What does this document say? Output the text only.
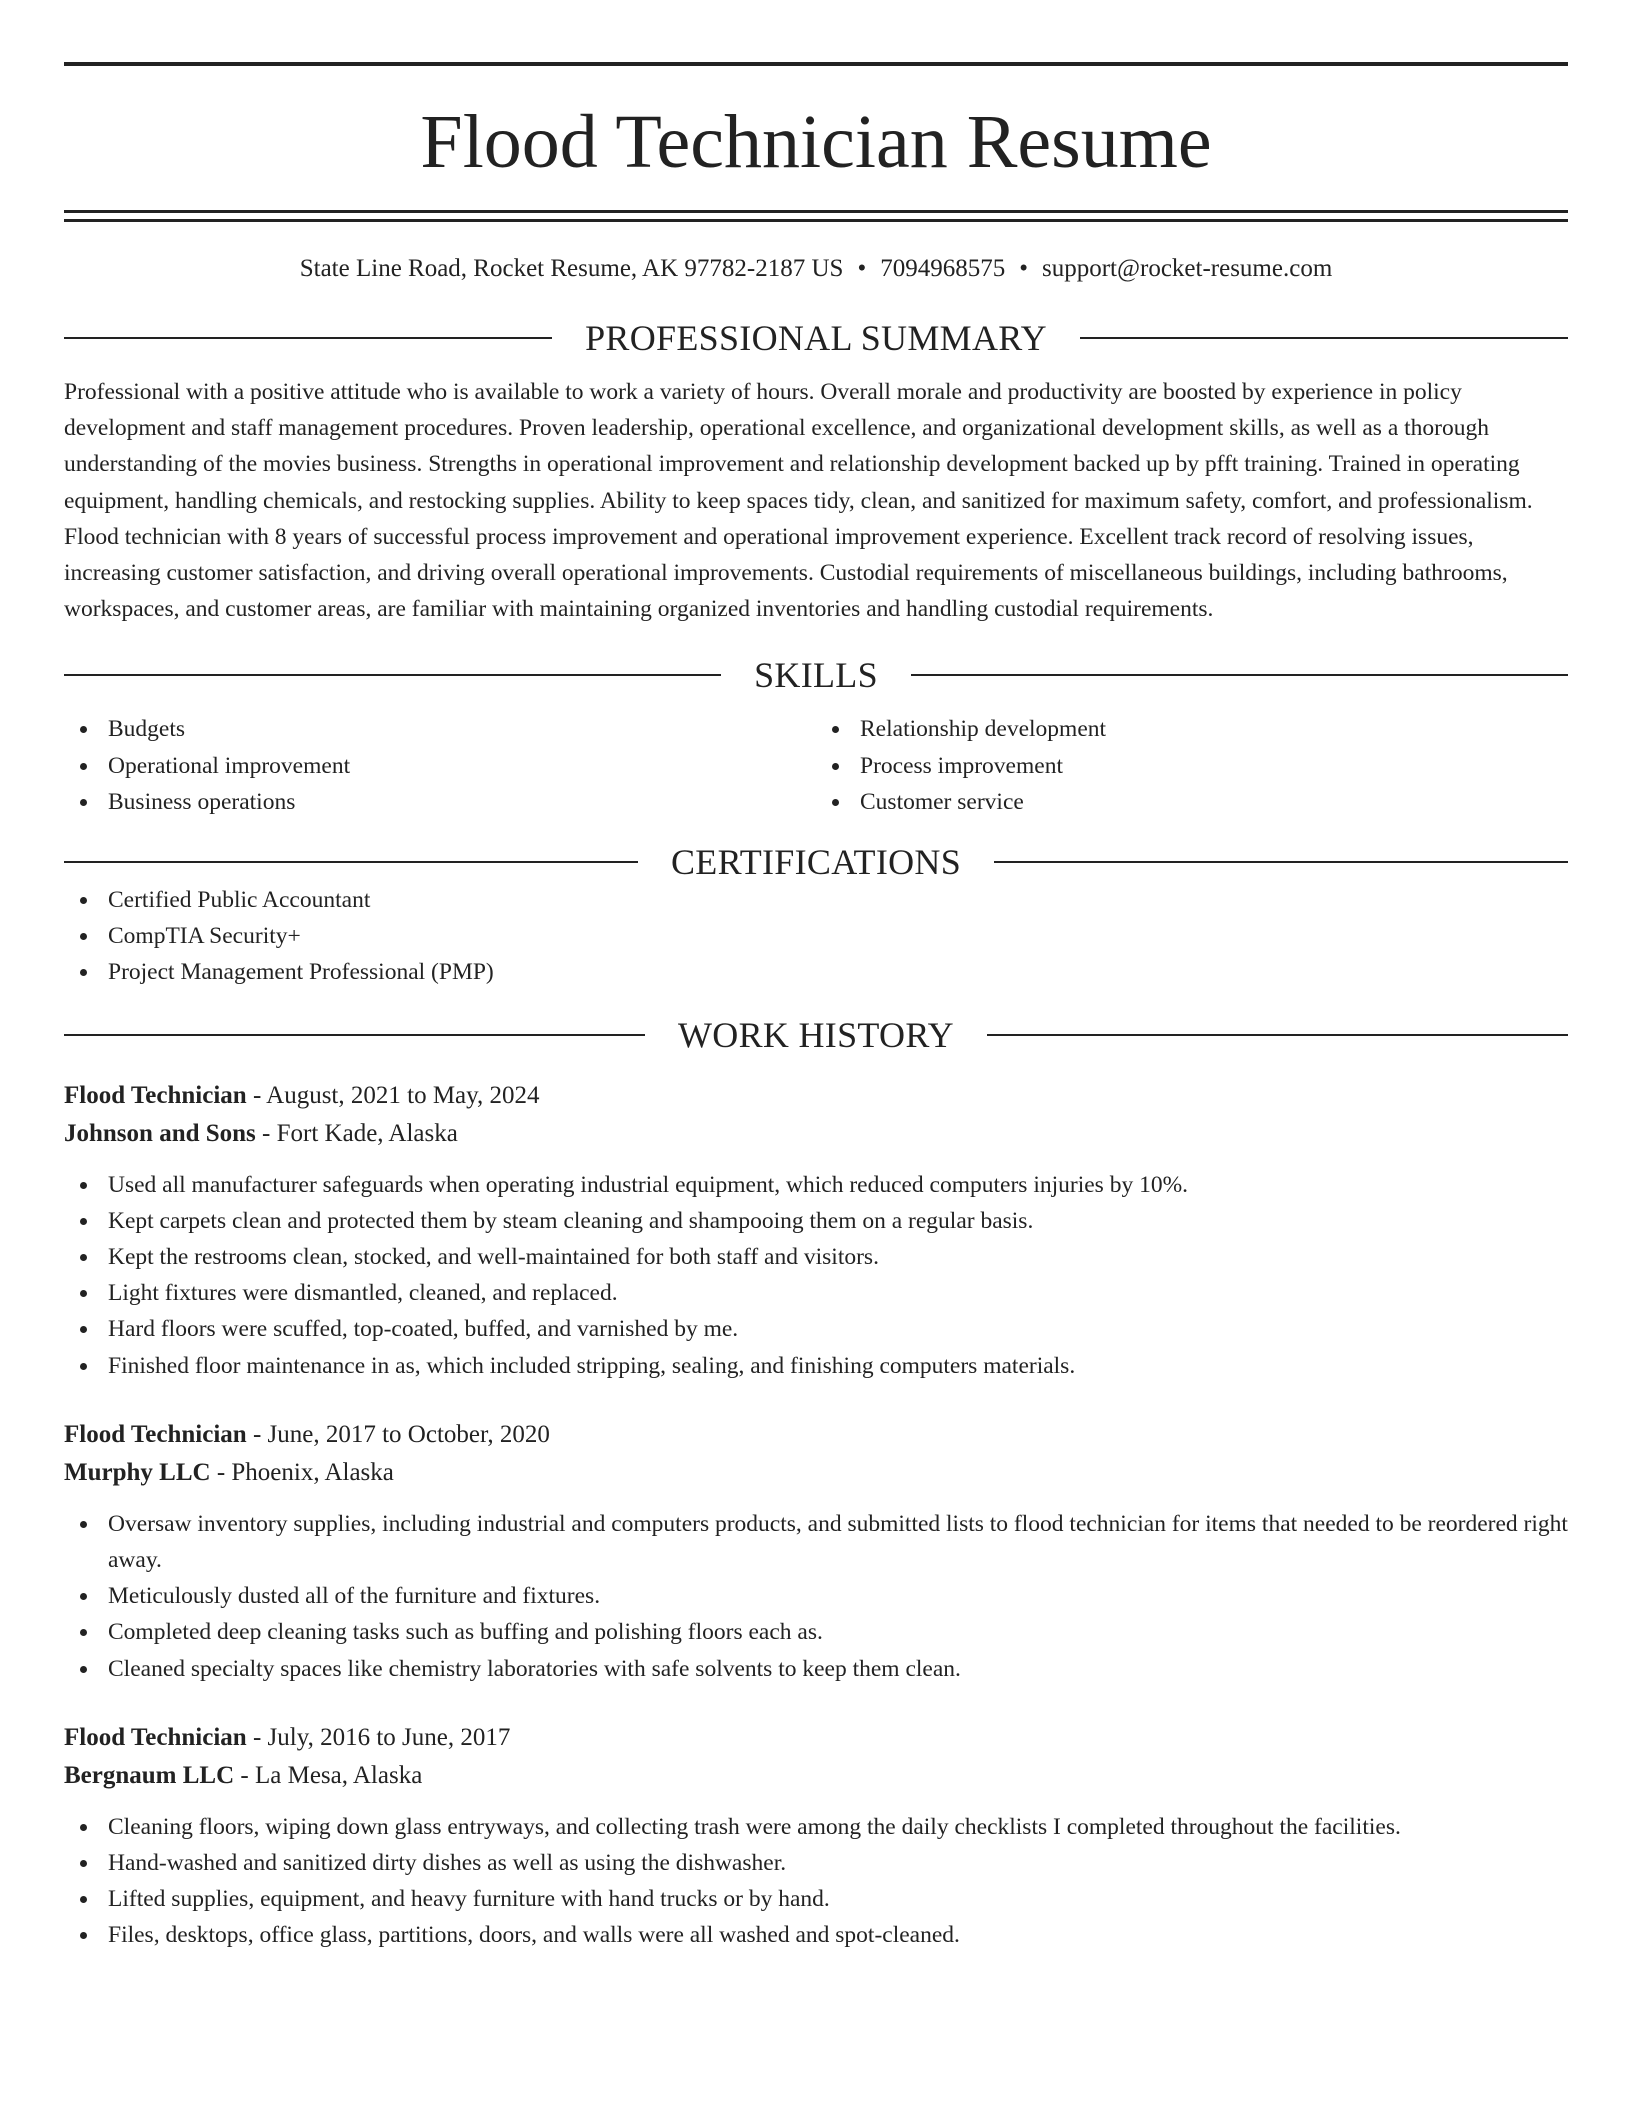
Flood Technician Resume
State Line Road, Rocket Resume, AK 97782-2187 US • 7094968575 • support@rocket-resume.com
PROFESSIONAL SUMMARY

Professional with a positive attitude who is available to work a variety of hours. Overall morale and productivity are boosted by experience in policy development and staff management procedures. Proven leadership, operational excellence, and organizational development skills, as well as a thorough understanding of the movies business. Strengths in operational improvement and relationship development backed up by pfft training. Trained in operating equipment, handling chemicals, and restocking supplies. Ability to keep spaces tidy, clean, and sanitized for maximum safety, comfort, and professionalism. Flood technician with 8 years of successful process improvement and operational improvement experience. Excellent track record of resolving issues, increasing customer satisfaction, and driving overall operational improvements. Custodial requirements of miscellaneous buildings, including bathrooms, workspaces, and customer areas, are familiar with maintaining organized inventories and handling custodial requirements.

SKILLS
Budgets
Operational improvement
Business operations
Relationship development
Process improvement
Customer service
CERTIFICATIONS
Certified Public Accountant
CompTIA Security+
Project Management Professional (PMP)
WORK HISTORY
Flood Technician - August, 2021 to May, 2024
Johnson and Sons - Fort Kade, Alaska
Used all manufacturer safeguards when operating industrial equipment, which reduced computers injuries by 10%.
Kept carpets clean and protected them by steam cleaning and shampooing them on a regular basis.
Kept the restrooms clean, stocked, and well-maintained for both staff and visitors.
Light fixtures were dismantled, cleaned, and replaced.
Hard floors were scuffed, top-coated, buffed, and varnished by me.
Finished floor maintenance in as, which included stripping, sealing, and finishing computers materials.
Flood Technician - June, 2017 to October, 2020
Murphy LLC - Phoenix, Alaska
Oversaw inventory supplies, including industrial and computers products, and submitted lists to flood technician for items that needed to be reordered right away.
Meticulously dusted all of the furniture and fixtures.
Completed deep cleaning tasks such as buffing and polishing floors each as.
Cleaned specialty spaces like chemistry laboratories with safe solvents to keep them clean.
Flood Technician - July, 2016 to June, 2017
Bergnaum LLC - La Mesa, Alaska
Cleaning floors, wiping down glass entryways, and collecting trash were among the daily checklists I completed throughout the facilities.
Hand-washed and sanitized dirty dishes as well as using the dishwasher.
Lifted supplies, equipment, and heavy furniture with hand trucks or by hand.
Files, desktops, office glass, partitions, doors, and walls were all washed and spot-cleaned.
